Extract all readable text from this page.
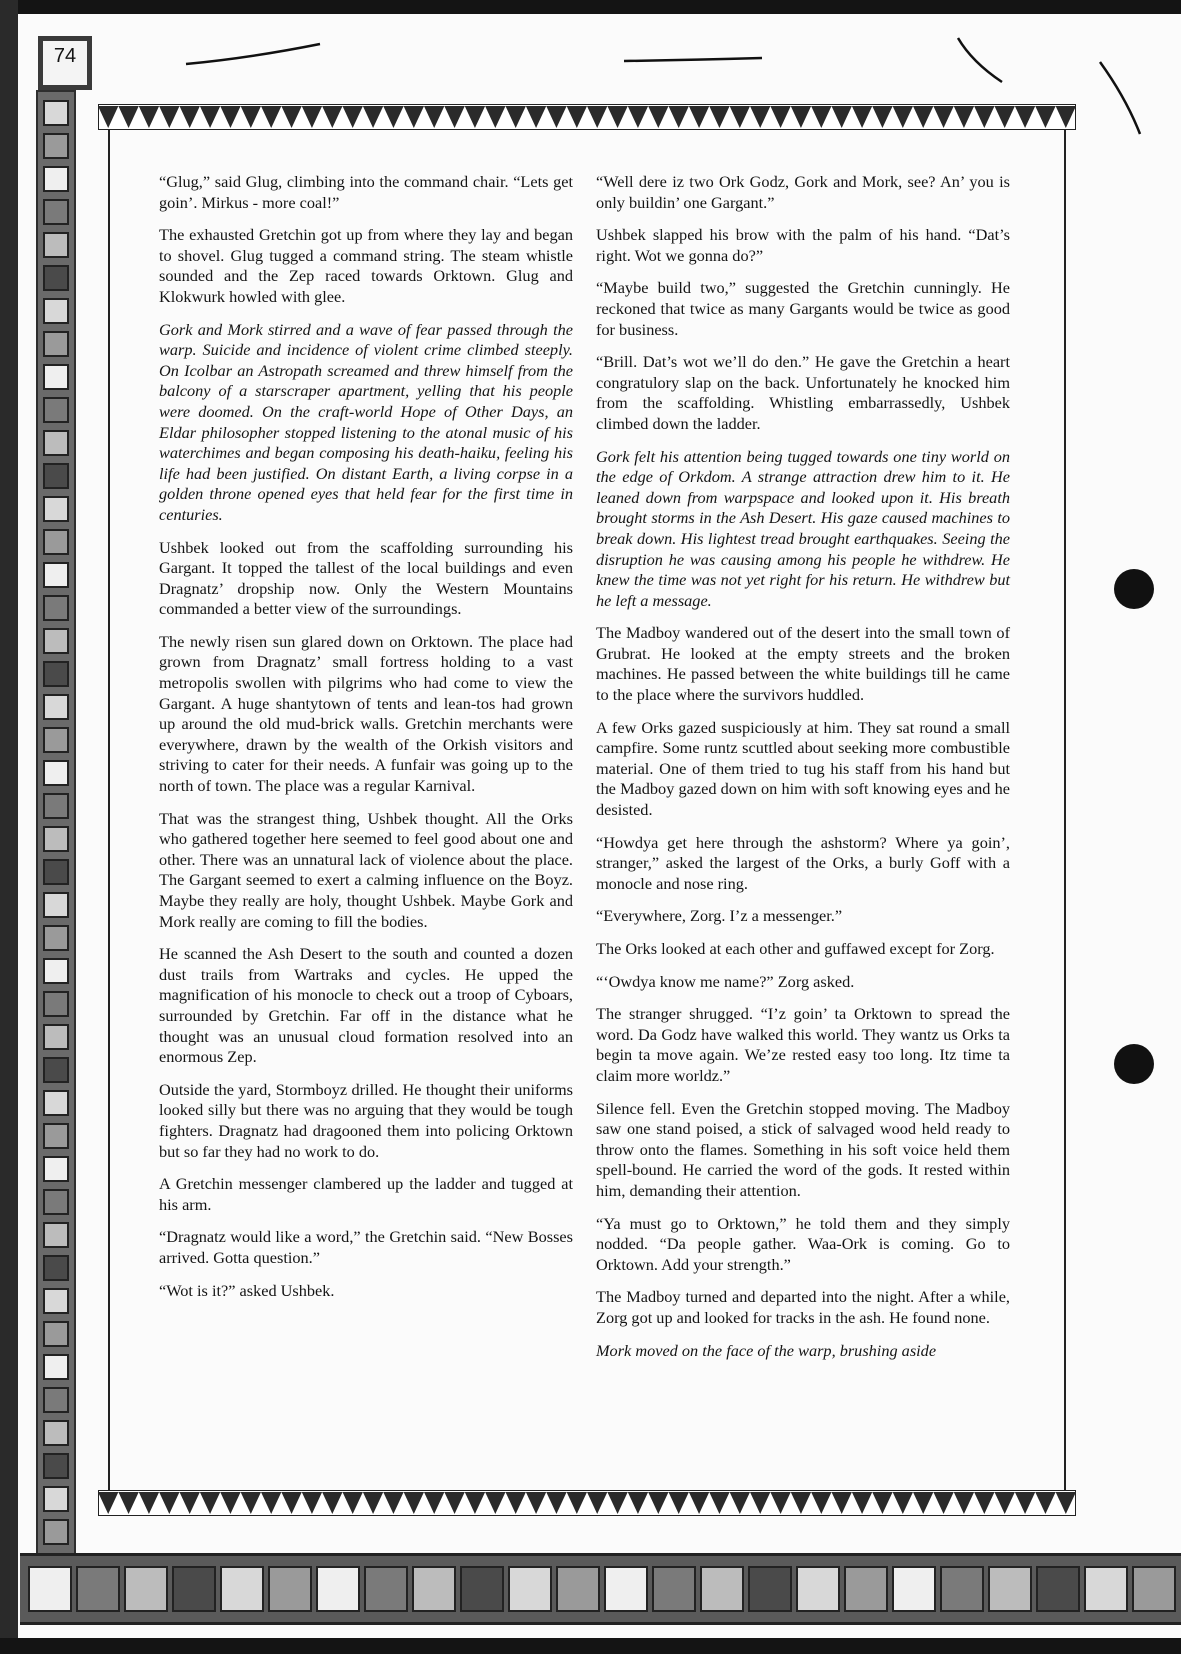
74

“Glug,” said Glug, climbing into the command chair. “Lets get goin’. Mirkus - more coal!”

The exhausted Gretchin got up from where they lay and began to shovel. Glug tugged a command string. The steam whistle sounded and the Zep raced towards Orktown. Glug and Klokwurk howled with glee.

Gork and Mork stirred and a wave of fear passed through the warp. Suicide and incidence of violent crime climbed steeply. On Icolbar an Astropath screamed and threw himself from the balcony of a starscraper apartment, yelling that his people were doomed. On the craft-world Hope of Other Days, an Eldar philosopher stopped listening to the atonal music of his waterchimes and began composing his death-haiku, feeling his life had been justified. On distant Earth, a living corpse in a golden throne opened eyes that held fear for the first time in centuries.

Ushbek looked out from the scaffolding surrounding his Gargant. It topped the tallest of the local buildings and even Dragnatz’ dropship now. Only the Western Mountains commanded a better view of the surroundings.

The newly risen sun glared down on Orktown. The place had grown from Dragnatz’ small fortress holding to a vast metropolis swollen with pilgrims who had come to view the Gargant. A huge shantytown of tents and lean-tos had grown up around the old mud-brick walls. Gretchin merchants were everywhere, drawn by the wealth of the Orkish visitors and striving to cater for their needs. A funfair was going up to the north of town. The place was a regular Karnival.

That was the strangest thing, Ushbek thought. All the Orks who gathered together here seemed to feel good about one and other. There was an unnatural lack of violence about the place. The Gargant seemed to exert a calming influence on the Boyz. Maybe they really are holy, thought Ushbek. Maybe Gork and Mork really are coming to fill the bodies.

He scanned the Ash Desert to the south and counted a dozen dust trails from Wartraks and cycles. He upped the magnification of his monocle to check out a troop of Cyboars, surrounded by Gretchin. Far off in the distance what he thought was an unusual cloud formation resolved into an enormous Zep.

Outside the yard, Stormboyz drilled. He thought their uniforms looked silly but there was no arguing that they would be tough fighters. Dragnatz had dragooned them into policing Orktown but so far they had no work to do.

A Gretchin messenger clambered up the ladder and tugged at his arm.

“Dragnatz would like a word,” the Gretchin said. “New Bosses arrived. Gotta question.”

“Wot is it?” asked Ushbek.

“Well dere iz two Ork Godz, Gork and Mork, see? An’ you is only buildin’ one Gargant.”

Ushbek slapped his brow with the palm of his hand. “Dat’s right. Wot we gonna do?”

“Maybe build two,” suggested the Gretchin cunningly. He reckoned that twice as many Gargants would be twice as good for business.

“Brill. Dat’s wot we’ll do den.” He gave the Gretchin a heart congratulory slap on the back. Unfortunately he knocked him from the scaffolding. Whistling embarrassedly, Ushbek climbed down the ladder.

Gork felt his attention being tugged towards one tiny world on the edge of Orkdom. A strange attraction drew him to it. He leaned down from warpspace and looked upon it. His breath brought storms in the Ash Desert. His gaze caused machines to break down. His lightest tread brought earthquakes. Seeing the disruption he was causing among his people he withdrew. He knew the time was not yet right for his return. He withdrew but he left a message.

The Madboy wandered out of the desert into the small town of Grubrat. He looked at the empty streets and the broken machines. He passed between the white buildings till he came to the place where the survivors huddled.

A few Orks gazed suspiciously at him. They sat round a small campfire. Some runtz scuttled about seeking more combustible material. One of them tried to tug his staff from his hand but the Madboy gazed down on him with soft knowing eyes and he desisted.

“Howdya get here through the ashstorm? Where ya goin’, stranger,” asked the largest of the Orks, a burly Goff with a monocle and nose ring.

“Everywhere, Zorg. I’z a messenger.”

The Orks looked at each other and guffawed except for Zorg.

“‘Owdya know me name?” Zorg asked.

The stranger shrugged. “I’z goin’ ta Orktown to spread the word. Da Godz have walked this world. They wantz us Orks ta begin ta move again. We’ze rested easy too long. Itz time ta claim more worldz.”

Silence fell. Even the Gretchin stopped moving. The Madboy saw one stand poised, a stick of salvaged wood held ready to throw onto the flames. Something in his soft voice held them spell-bound. He carried the word of the gods. It rested within him, demanding their attention.

“Ya must go to Orktown,” he told them and they simply nodded. “Da people gather. Waa-Ork is coming. Go to Orktown. Add your strength.”

The Madboy turned and departed into the night. After a while, Zorg got up and looked for tracks in the ash. He found none.

Mork moved on the face of the warp, brushing aside
